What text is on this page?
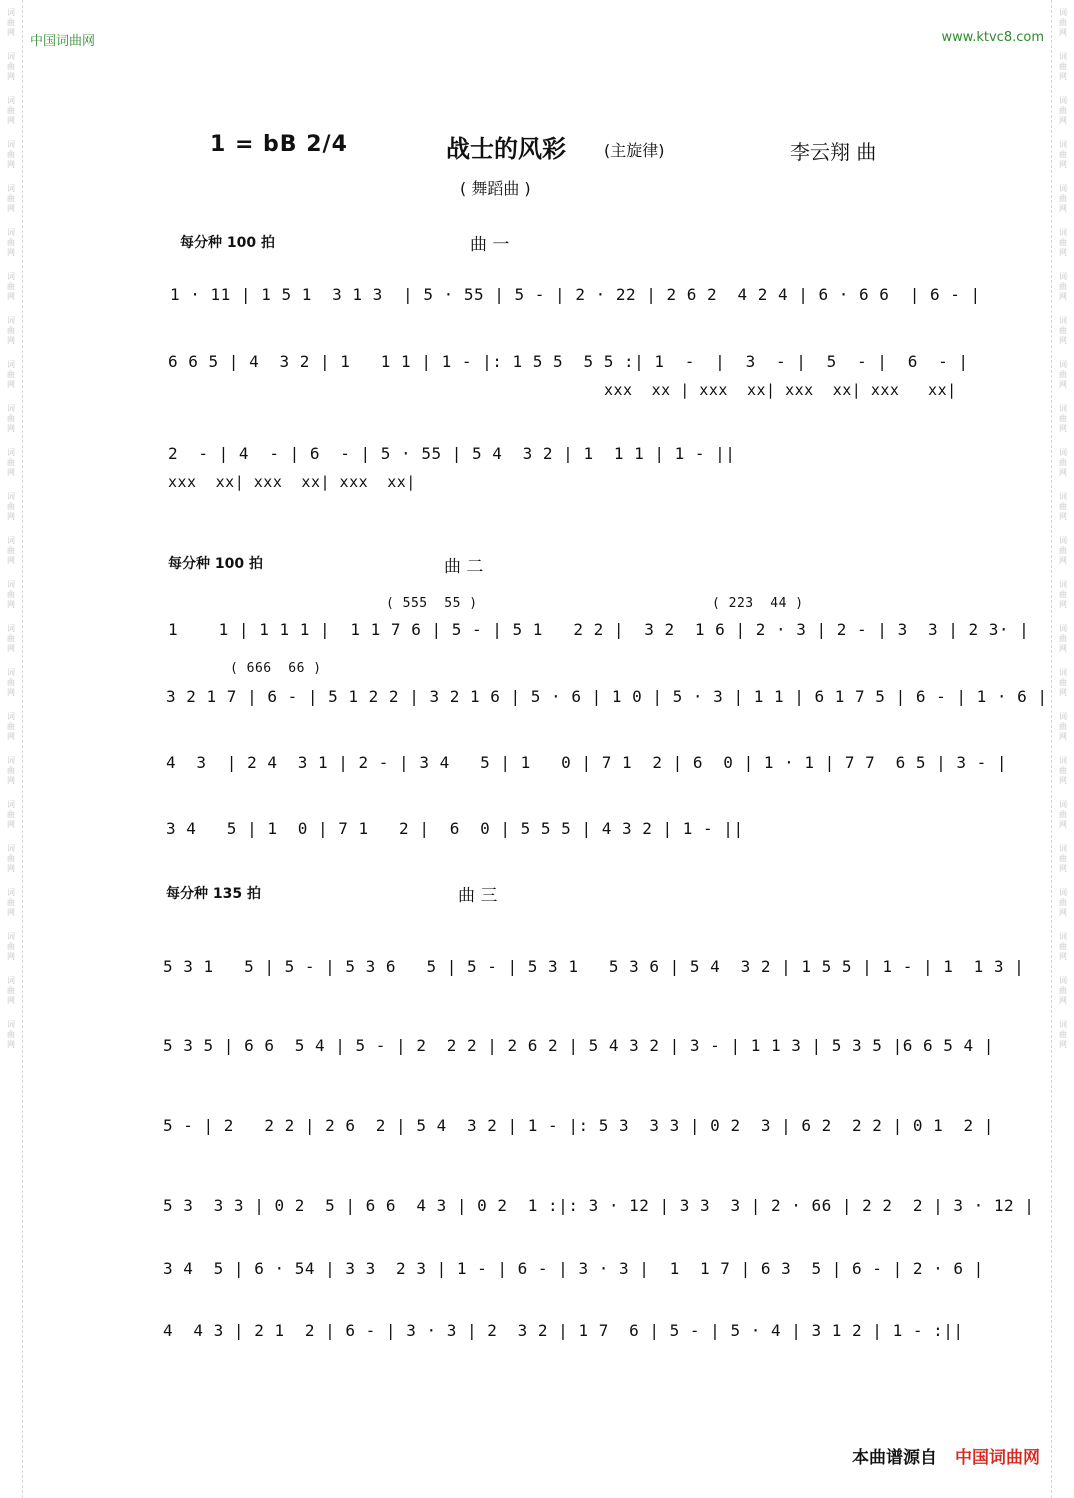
词曲网
词曲网
词曲网
词曲网
词曲网
词曲网
词曲网
词曲网
词曲网
词曲网
词曲网
词曲网
词曲网
词曲网
词曲网
词曲网
词曲网
词曲网
词曲网
词曲网
词曲网
词曲网
词曲网
词曲网
词曲网
词曲网
词曲网
词曲网
词曲网
词曲网
词曲网
词曲网
词曲网
词曲网
词曲网
词曲网
词曲网
词曲网
词曲网
词曲网
词曲网
词曲网
词曲网
词曲网
词曲网
词曲网
词曲网
词曲网
中国词曲网	www.ktvc8.com
1 = bB 2/4	战士的风彩 (主旋律)	李云翔 曲
( 舞蹈曲 )
每分种 100 拍	曲 一
1 · 11 | 1 5 1  3 1 3  | 5 · 55 | 5 - | 2 · 22 | 2 6 2  4 2 4 | 6 · 6 6  | 6 - |
6 6 5 | 4  3 2 | 1   1 1 | 1 - |: 1 5 5  5 5 :| 1  -  |  3  - |  5  - |  6  - |
xxx  xx | xxx  xx| xxx  xx| xxx   xx|
2  - | 4  - | 6  - | 5 · 55 | 5 4  3 2 | 1  1 1 | 1 - ||
xxx  xx| xxx  xx| xxx  xx|
每分种 100 拍	曲 二
( 555  55 )	( 223  44 )
1    1 | 1 1 1 |  1 1 7 6 | 5 - | 5 1   2 2 |  3 2  1 6 | 2 · 3 | 2 - | 3  3 | 2 3· |
( 666  66 )
3 2 1 7 | 6 - | 5 1 2 2 | 3 2 1 6 | 5 · 6 | 1 0 | 5 · 3 | 1 1 | 6 1 7 5 | 6 - | 1 · 6 |
4  3  | 2 4  3 1 | 2 - | 3 4   5 | 1   0 | 7 1  2 | 6  0 | 1 · 1 | 7 7  6 5 | 3 - |
3 4   5 | 1  0 | 7 1   2 |  6  0 | 5 5 5 | 4 3 2 | 1 - ||
每分种 135 拍	曲 三
5 3 1   5 | 5 - | 5 3 6   5 | 5 - | 5 3 1   5 3 6 | 5 4  3 2 | 1 5 5 | 1 - | 1  1 3 |
5 3 5 | 6 6  5 4 | 5 - | 2  2 2 | 2 6 2 | 5 4 3 2 | 3 - | 1 1 3 | 5 3 5 |6 6 5 4 |
5 - | 2   2 2 | 2 6  2 | 5 4  3 2 | 1 - |: 5 3  3 3 | 0 2  3 | 6 2  2 2 | 0 1  2 |
5 3  3 3 | 0 2  5 | 6 6  4 3 | 0 2  1 :|: 3 · 12 | 3 3  3 | 2 · 66 | 2 2  2 | 3 · 12 |
3 4  5 | 6 · 54 | 3 3  2 3 | 1 - | 6 - | 3 · 3 |  1  1 7 | 6 3  5 | 6 - | 2 · 6 |
4  4 3 | 2 1  2 | 6 - | 3 · 3 | 2  3 2 | 1 7  6 | 5 - | 5 · 4 | 3 1 2 | 1 - :||
本曲谱源自 中国词曲网
